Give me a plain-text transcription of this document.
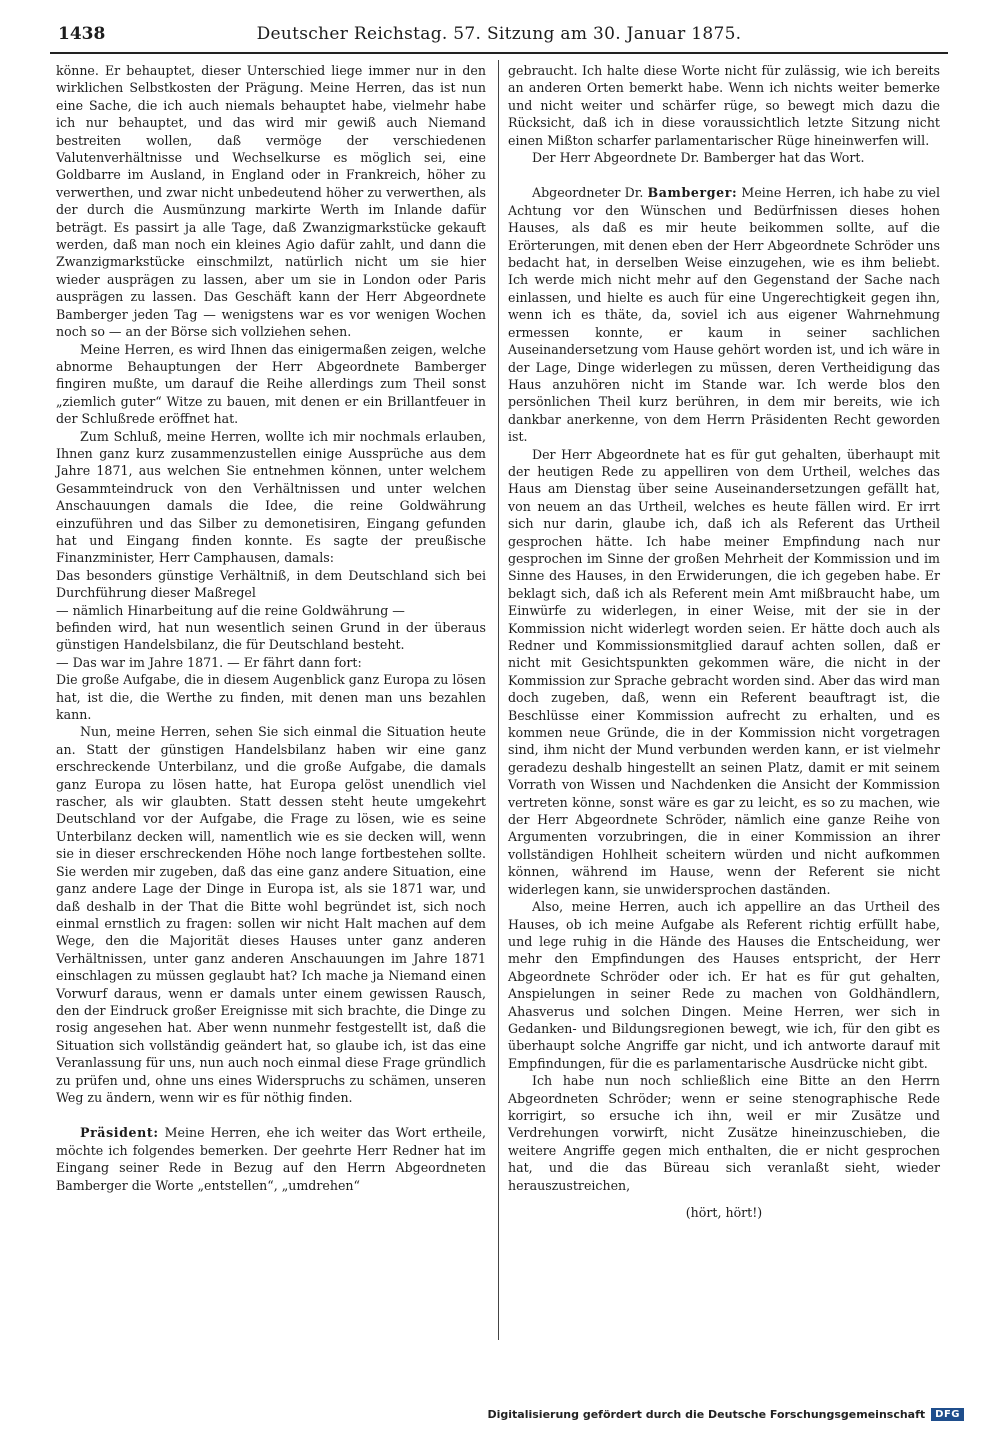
1438	Deutscher Reichstag. 57. Sitzung am 30. Januar 1875.

könne. Er behauptet, dieser Unterschied liege immer nur in den wirklichen Selbstkosten der Prägung. Meine Herren, das ist nun eine Sache, die ich auch niemals behauptet habe, vielmehr habe ich nur behauptet, und das wird mir gewiß auch Niemand bestreiten wollen, daß vermöge der verschiedenen Valutenverhältnisse und Wechselkurse es möglich sei, eine Goldbarre im Ausland, in England oder in Frankreich, höher zu verwerthen, und zwar nicht unbedeutend höher zu verwerthen, als der durch die Ausmünzung markirte Werth im Inlande dafür beträgt. Es passirt ja alle Tage, daß Zwanzigmarkstücke gekauft werden, daß man noch ein kleines Agio dafür zahlt, und dann die Zwanzigmarkstücke einschmilzt, natürlich nicht um sie hier wieder ausprägen zu lassen, aber um sie in London oder Paris ausprägen zu lassen. Das Geschäft kann der Herr Abgeordnete Bamberger jeden Tag — wenigstens war es vor wenigen Wochen noch so — an der Börse sich vollziehen sehen.

Meine Herren, es wird Ihnen das einigermaßen zeigen, welche abnorme Behauptungen der Herr Abgeordnete Bamberger fingiren mußte, um darauf die Reihe allerdings zum Theil sonst „ziemlich guter“ Witze zu bauen, mit denen er ein Brillantfeuer in der Schlußrede eröffnet hat.

Zum Schluß, meine Herren, wollte ich mir nochmals erlauben, Ihnen ganz kurz zusammenzustellen einige Aussprüche aus dem Jahre 1871, aus welchen Sie entnehmen können, unter welchem Gesammteindruck von den Verhältnissen und unter welchen Anschauungen damals die Idee, die reine Goldwährung einzuführen und das Silber zu demonetisiren, Eingang gefunden hat und Eingang finden konnte. Es sagte der preußische Finanzminister, Herr Camphausen, damals:

Das besonders günstige Verhältniß, in dem Deutschland sich bei Durchführung dieser Maßregel

— nämlich Hinarbeitung auf die reine Goldwährung —

befinden wird, hat nun wesentlich seinen Grund in der überaus günstigen Handelsbilanz, die für Deutschland besteht.

— Das war im Jahre 1871. — Er fährt dann fort:

Die große Aufgabe, die in diesem Augenblick ganz Europa zu lösen hat, ist die, die Werthe zu finden, mit denen man uns bezahlen kann.

Nun, meine Herren, sehen Sie sich einmal die Situation heute an. Statt der günstigen Handelsbilanz haben wir eine ganz erschreckende Unterbilanz, und die große Aufgabe, die damals ganz Europa zu lösen hatte, hat Europa gelöst unendlich viel rascher, als wir glaubten. Statt dessen steht heute umgekehrt Deutschland vor der Aufgabe, die Frage zu lösen, wie es seine Unterbilanz decken will, namentlich wie es sie decken will, wenn sie in dieser erschreckenden Höhe noch lange fortbestehen sollte. Sie werden mir zugeben, daß das eine ganz andere Situation, eine ganz andere Lage der Dinge in Europa ist, als sie 1871 war, und daß deshalb in der That die Bitte wohl begründet ist, sich noch einmal ernstlich zu fragen: sollen wir nicht Halt machen auf dem Wege, den die Majorität dieses Hauses unter ganz anderen Verhältnissen, unter ganz anderen Anschauungen im Jahre 1871 einschlagen zu müssen geglaubt hat? Ich mache ja Niemand einen Vorwurf daraus, wenn er damals unter einem gewissen Rausch, den der Eindruck großer Ereignisse mit sich brachte, die Dinge zu rosig angesehen hat. Aber wenn nunmehr festgestellt ist, daß die Situation sich vollständig geändert hat, so glaube ich, ist das eine Veranlassung für uns, nun auch noch einmal diese Frage gründlich zu prüfen und, ohne uns eines Widerspruchs zu schämen, unseren Weg zu ändern, wenn wir es für nöthig finden.

Präsident: Meine Herren, ehe ich weiter das Wort ertheile, möchte ich folgendes bemerken. Der geehrte Herr Redner hat im Eingang seiner Rede in Bezug auf den Herrn Abgeordneten Bamberger die Worte „entstellen“, „umdrehen“

gebraucht. Ich halte diese Worte nicht für zulässig, wie ich bereits an anderen Orten bemerkt habe. Wenn ich nichts weiter bemerke und nicht weiter und schärfer rüge, so bewegt mich dazu die Rücksicht, daß ich in diese voraussichtlich letzte Sitzung nicht einen Mißton scharfer parlamentarischer Rüge hineinwerfen will.

Der Herr Abgeordnete Dr. Bamberger hat das Wort.

Abgeordneter Dr. Bamberger: Meine Herren, ich habe zu viel Achtung vor den Wünschen und Bedürfnissen dieses hohen Hauses, als daß es mir heute beikommen sollte, auf die Erörterungen, mit denen eben der Herr Abgeordnete Schröder uns bedacht hat, in derselben Weise einzugehen, wie es ihm beliebt. Ich werde mich nicht mehr auf den Gegenstand der Sache nach einlassen, und hielte es auch für eine Ungerechtigkeit gegen ihn, wenn ich es thäte, da, soviel ich aus eigener Wahrnehmung ermessen konnte, er kaum in seiner sachlichen Auseinandersetzung vom Hause gehört worden ist, und ich wäre in der Lage, Dinge widerlegen zu müssen, deren Vertheidigung das Haus anzuhören nicht im Stande war. Ich werde blos den persönlichen Theil kurz berühren, in dem mir bereits, wie ich dankbar anerkenne, von dem Herrn Präsidenten Recht geworden ist.

Der Herr Abgeordnete hat es für gut gehalten, überhaupt mit der heutigen Rede zu appelliren von dem Urtheil, welches das Haus am Dienstag über seine Auseinandersetzungen gefällt hat, von neuem an das Urtheil, welches es heute fällen wird. Er irrt sich nur darin, glaube ich, daß ich als Referent das Urtheil gesprochen hätte. Ich habe meiner Empfindung nach nur gesprochen im Sinne der großen Mehrheit der Kommission und im Sinne des Hauses, in den Erwiderungen, die ich gegeben habe. Er beklagt sich, daß ich als Referent mein Amt mißbraucht habe, um Einwürfe zu widerlegen, in einer Weise, mit der sie in der Kommission nicht widerlegt worden seien. Er hätte doch auch als Redner und Kommissionsmitglied darauf achten sollen, daß er nicht mit Gesichtspunkten gekommen wäre, die nicht in der Kommission zur Sprache gebracht worden sind. Aber das wird man doch zugeben, daß, wenn ein Referent beauftragt ist, die Beschlüsse einer Kommission aufrecht zu erhalten, und es kommen neue Gründe, die in der Kommission nicht vorgetragen sind, ihm nicht der Mund verbunden werden kann, er ist vielmehr geradezu deshalb hingestellt an seinen Platz, damit er mit seinem Vorrath von Wissen und Nachdenken die Ansicht der Kommission vertreten könne, sonst wäre es gar zu leicht, es so zu machen, wie der Herr Abgeordnete Schröder, nämlich eine ganze Reihe von Argumenten vorzubringen, die in einer Kommission an ihrer vollständigen Hohlheit scheitern würden und nicht aufkommen können, während im Hause, wenn der Referent sie nicht widerlegen kann, sie unwidersprochen daständen.

Also, meine Herren, auch ich appellire an das Urtheil des Hauses, ob ich meine Aufgabe als Referent richtig erfüllt habe, und lege ruhig in die Hände des Hauses die Entscheidung, wer mehr den Empfindungen des Hauses entspricht, der Herr Abgeordnete Schröder oder ich. Er hat es für gut gehalten, Anspielungen in seiner Rede zu machen von Goldhändlern, Ahasverus und solchen Dingen. Meine Herren, wer sich in Gedanken- und Bildungsregionen bewegt, wie ich, für den gibt es überhaupt solche Angriffe gar nicht, und ich antworte darauf mit Empfindungen, für die es parlamentarische Ausdrücke nicht gibt.

Ich habe nun noch schließlich eine Bitte an den Herrn Abgeordneten Schröder; wenn er seine stenographische Rede korrigirt, so ersuche ich ihn, weil er mir Zusätze und Verdrehungen vorwirft, nicht Zusätze hineinzuschieben, die weitere Angriffe gegen mich enthalten, die er nicht gesprochen hat, und die das Büreau sich veranlaßt sieht, wieder herauszustreichen,

(hört, hört!)

Digitalisierung gefördert durch die Deutsche Forschungsgemeinschaft	DFG
